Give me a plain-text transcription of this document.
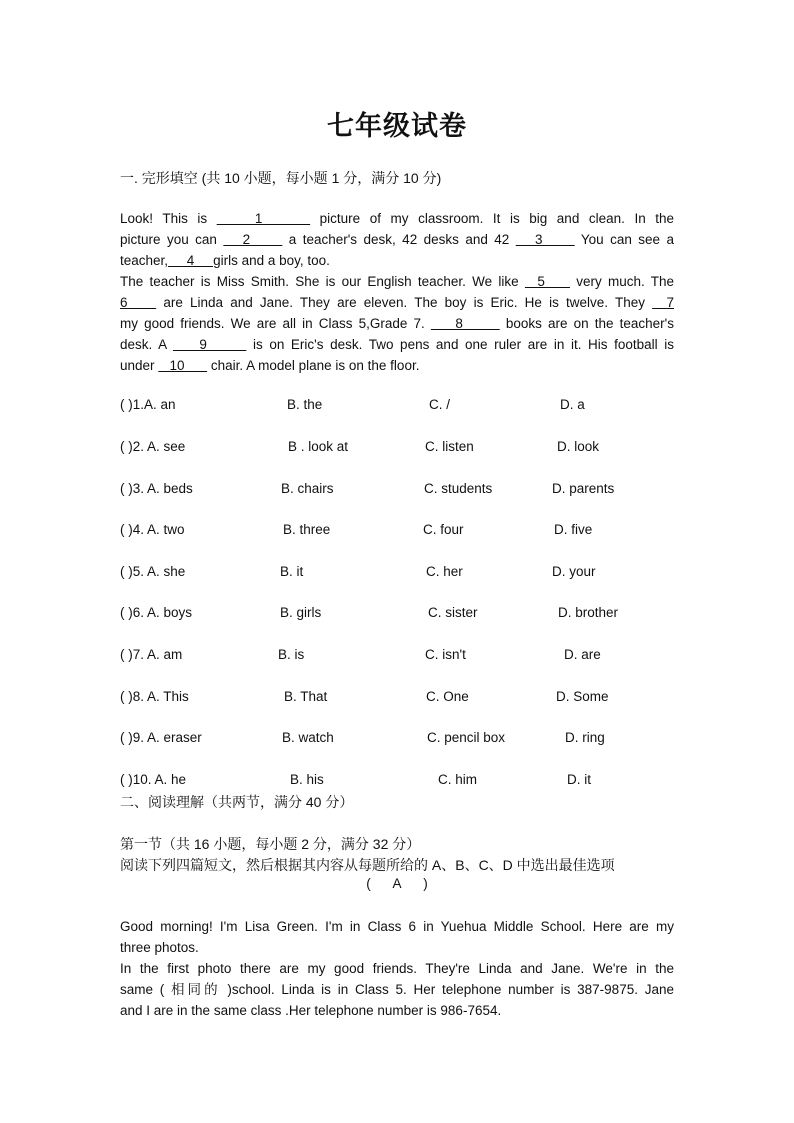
七年级试卷
一. 完形填空 (共 10 小题，每小题 1 分，满分 10 分)
Look! This is     1      picture of my classroom. It is big and clean. In the
picture you can    2      a teacher's desk, 42 desks and 42    3      You can see a
teacher,     4     girls and a boy, too.
The teacher is Miss Smith. She is our English teacher. We like   5     very much. The
6     are Linda and Jane. They are eleven. The boy is Eric. He is twelve. They   7
my good friends. We are all in Class 5,Grade 7.     8       books are on the teacher's
desk. A     9       is on Eric's desk. Two pens and one ruler are in it. His football is
under    10       chair. A model plane is on the floor.
( )1.A. an	B. the	C. /	D. a
( )2. A. see	B . look at	C. listen	D. look
( )3. A. beds	B. chairs	C. students	D. parents
( )4. A. two	B. three	C. four	D. five
( )5. A. she	B. it	C. her	D. your
( )6. A. boys	B. girls	C. sister	D. brother
( )7. A. am	B. is	C. isn't	D. are
( )8. A. This	B. That	C. One	D. Some
( )9. A. eraser	B. watch	C. pencil box	D. ring
( )10. A. he	B. his	C. him	D. it
二、阅读理解（共两节，满分 40 分）
第一节（共 16 小题，每小题 2 分，满分 32 分）
阅读下列四篇短文，然后根据其内容从每题所给的 A、B、C、D 中选出最佳选项
(      A      )
Good morning! I'm Lisa Green. I'm in Class 6 in Yuehua Middle School. Here are my
three photos.
In the first photo there are my good friends. They're Linda and Jane. We're in the
same ( 相同的 )school. Linda is in Class 5. Her telephone number is 387-9875. Jane
and I are in the same class .Her telephone number is 986-7654.
